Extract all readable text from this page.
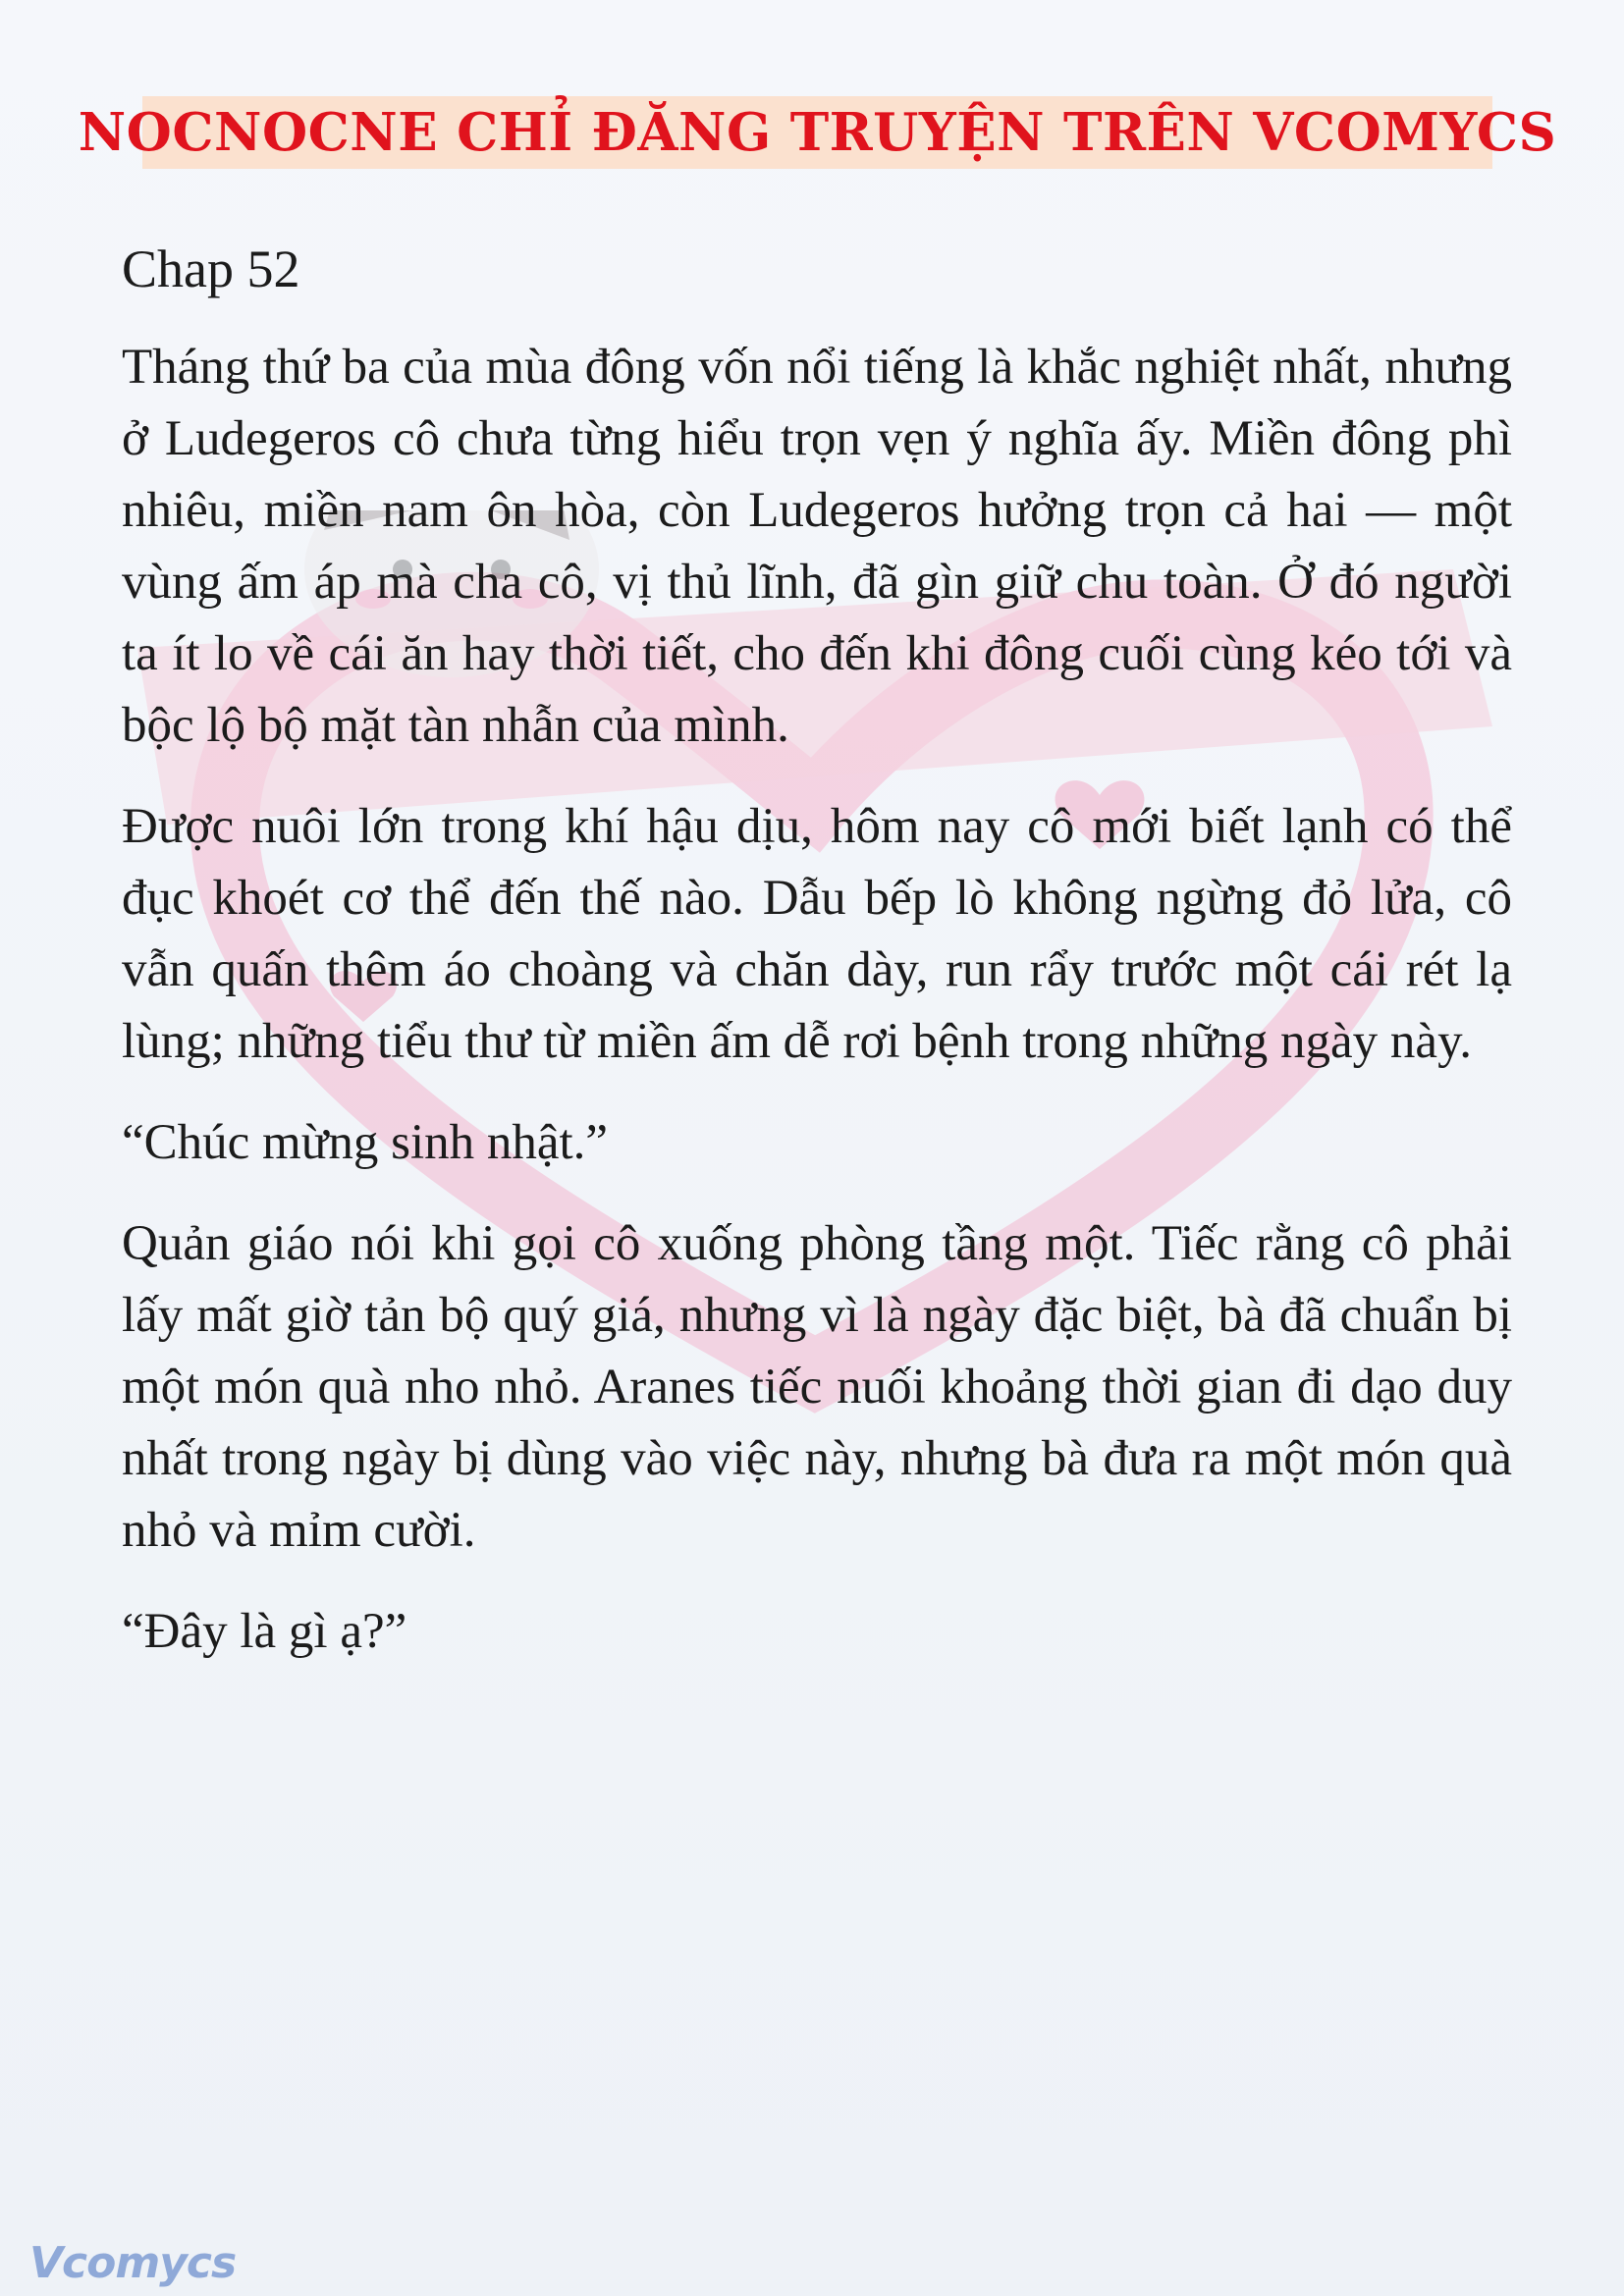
NOCNOCNE CHỈ ĐĂNG TRUYỆN TRÊN VCOMYCS
Chap 52

Tháng thứ ba của mùa đông vốn nổi tiếng là khắc nghiệt nhất, nhưng ở Ludegeros cô chưa từng hiểu trọn vẹn ý nghĩa ấy. Miền đông phì nhiêu, miền nam ôn hòa, còn Ludegeros hưởng trọn cả hai — một vùng ấm áp mà cha cô, vị thủ lĩnh, đã gìn giữ chu toàn. Ở đó người ta ít lo về cái ăn hay thời tiết, cho đến khi đông cuối cùng kéo tới và bộc lộ bộ mặt tàn nhẫn của mình.

Được nuôi lớn trong khí hậu dịu, hôm nay cô mới biết lạnh có thể đục khoét cơ thể đến thế nào. Dẫu bếp lò không ngừng đỏ lửa, cô vẫn quấn thêm áo choàng và chăn dày, run rẩy trước một cái rét lạ lùng; những tiểu thư từ miền ấm dễ rơi bệnh trong những ngày này.

“Chúc mừng sinh nhật.”

Quản giáo nói khi gọi cô xuống phòng tầng một. Tiếc rằng cô phải lấy mất giờ tản bộ quý giá, nhưng vì là ngày đặc biệt, bà đã chuẩn bị một món quà nho nhỏ. Aranes tiếc nuối khoảng thời gian đi dạo duy nhất trong ngày bị dùng vào việc này, nhưng bà đưa ra một món quà nhỏ và mỉm cười.

“Đây là gì ạ?”

Vcomycs
